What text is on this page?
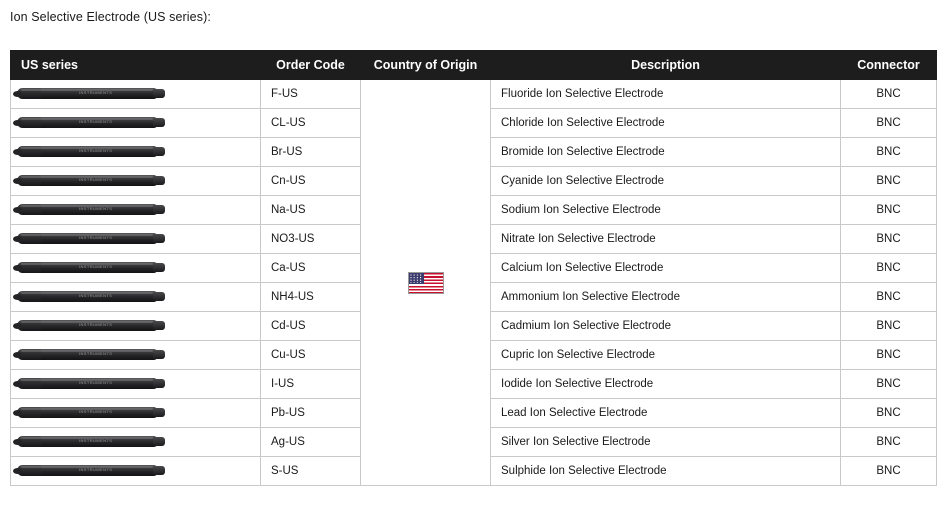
Ion Selective Electrode (US series):
US series	Order Code	Country of Origin	Description	Connector

INSTRUMENTS	F-US		Fluoride Ion Selective Electrode	BNC

INSTRUMENTS	CL-US		Chloride Ion Selective Electrode	BNC

INSTRUMENTS	Br-US		Bromide Ion Selective Electrode	BNC

INSTRUMENTS	Cn-US		Cyanide Ion Selective Electrode	BNC

INSTRUMENTS	Na-US		Sodium Ion Selective Electrode	BNC

INSTRUMENTS	NO3-US		Nitrate Ion Selective Electrode	BNC

INSTRUMENTS	Ca-US		Calcium Ion Selective Electrode	BNC

INSTRUMENTS	NH4-US		Ammonium Ion Selective Electrode	BNC

INSTRUMENTS	Cd-US		Cadmium Ion Selective Electrode	BNC

INSTRUMENTS	Cu-US		Cupric Ion Selective Electrode	BNC

INSTRUMENTS	I-US		Iodide Ion Selective Electrode	BNC

INSTRUMENTS	Pb-US		Lead Ion Selective Electrode	BNC

INSTRUMENTS	Ag-US		Silver Ion Selective Electrode	BNC

INSTRUMENTS	S-US		Sulphide Ion Selective Electrode	BNC
